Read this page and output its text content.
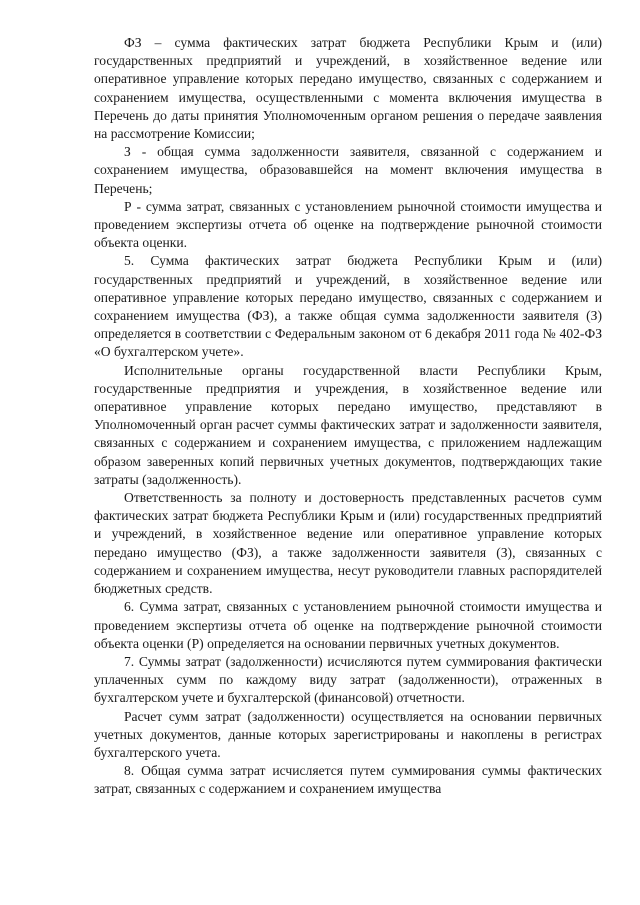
ФЗ – сумма фактических затрат бюджета Республики Крым и (или) государственных предприятий и учреждений, в хозяйственное ведение или оперативное управление которых передано имущество, связанных с содержанием и сохранением имущества, осуществленными с момента включения имущества в Перечень до даты принятия Уполномоченным органом решения о передаче заявления на рассмотрение Комиссии;

З - общая сумма задолженности заявителя, связанной с содержанием и сохранением имущества, образовавшейся на момент включения имущества в Перечень;

Р - сумма затрат, связанных с установлением рыночной стоимости имущества и проведением экспертизы отчета об оценке на подтверждение рыночной стоимости объекта оценки.

5. Сумма фактических затрат бюджета Республики Крым и (или) государственных предприятий и учреждений, в хозяйственное ведение или оперативное управление которых передано имущество, связанных с содержанием и сохранением имущества (ФЗ), а также общая сумма задолженности заявителя (З) определяется в соответствии с Федеральным законом от 6 декабря 2011 года № 402-ФЗ «О бухгалтерском учете».

Исполнительные органы государственной власти Республики Крым, государственные предприятия и учреждения, в хозяйственное ведение или оперативное управление которых передано имущество, представляют в Уполномоченный орган расчет суммы фактических затрат и задолженности заявителя, связанных с содержанием и сохранением имущества, с приложением надлежащим образом заверенных копий первичных учетных документов, подтверждающих такие затраты (задолженность).

Ответственность за полноту и достоверность представленных расчетов сумм фактических затрат бюджета Республики Крым и (или) государственных предприятий и учреждений, в хозяйственное ведение или оперативное управление которых передано имущество (ФЗ), а также задолженности заявителя (З), связанных с содержанием и сохранением имущества, несут руководители главных распорядителей бюджетных средств.

6. Сумма затрат, связанных с установлением рыночной стоимости имущества и проведением экспертизы отчета об оценке на подтверждение рыночной стоимости объекта оценки (Р) определяется на основании первичных учетных документов.

7. Суммы затрат (задолженности) исчисляются путем суммирования фактически уплаченных сумм по каждому виду затрат (задолженности), отраженных в бухгалтерском учете и бухгалтерской (финансовой) отчетности.

Расчет сумм затрат (задолженности) осуществляется на основании первичных учетных документов, данные которых зарегистрированы и накоплены в регистрах бухгалтерского учета.

8. Общая сумма затрат исчисляется путем суммирования суммы фактических затрат, связанных с содержанием и сохранением имущества
